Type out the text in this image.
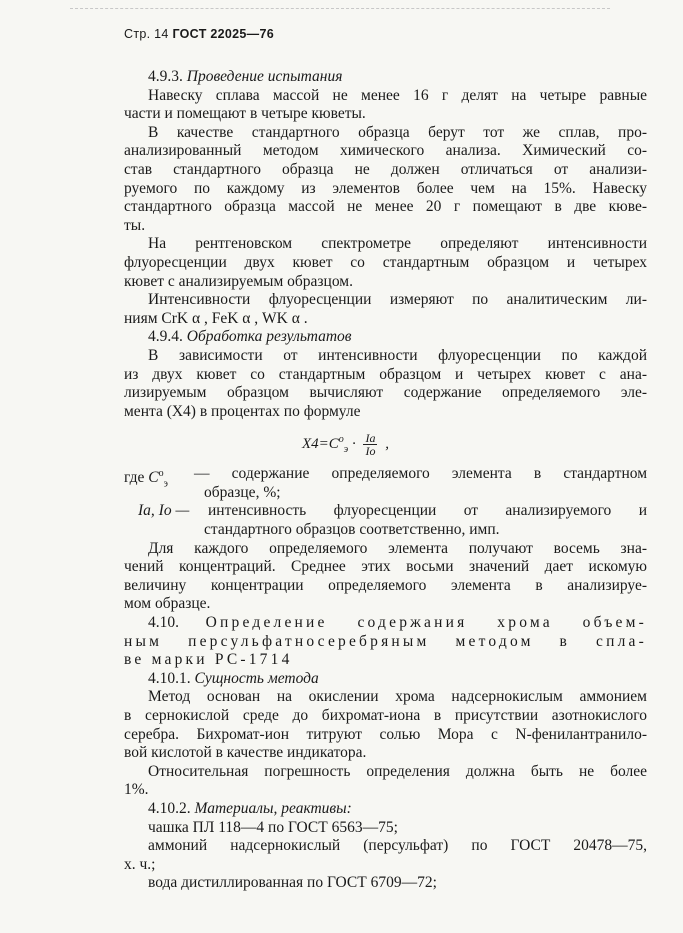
Стр. 14 ГОСТ 22025—76
4.9.3. Проведение испытания
Навеску сплава массой не менее 16 г делят на четыре равные
части и помещают в четыре кюветы.
В качестве стандартного образца берут тот же сплав, про-
анализированный методом химического анализа. Химический со-
став стандартного образца не должен отличаться от анализи-
руемого по каждому из элементов более чем на 15%. Навеску
стандартного образца массой не менее 20 г помещают в две кюве-
ты.
На рентгеновском спектрометре определяют интенсивности
флуоресценции двух кювет со стандартным образцом и четырех
кювет с анализируемым образцом.
Интенсивности флуоресценции измеряют по аналитическим ли-
ниям CrK α , FeK α , WK α .
4.9.4. Обработка результатов
В зависимости от интенсивности флуоресценции по каждой
из двух кювет со стандартным образцом и четырех кювет с ана-
лизируемым образцом вычисляют содержание определяемого эле-
мента (X4) в процентах по формуле
$X4=C^о_э \cdot \frac{Iа}{Iо}$ ,
где $C^о_э$
— содержание определяемого элемента в стандартном
образце, %;
Iа, Iо — интенсивность флуоресценции от анализируемого и
стандартного образцов соответственно, имп.
Для каждого определяемого элемента получают восемь зна-
чений концентраций. Среднее этих восьми значений дает искомую
величину концентрации определяемого элемента в анализируе-
мом образце.
4.10. Определение содержания хрома объем-
ным персульфатносеребряным методом в спла-
ве марки РС-1714
4.10.1. Сущность метода
Метод основан на окислении хрома надсернокислым аммонием
в сернокислой среде до бихромат-иона в присутствии азотнокислого
серебра. Бихромат-ион титруют солью Мора с N-фенилантранило-
вой кислотой в качестве индикатора.
Относительная погрешность определения должна быть не более
1%.
4.10.2. Материалы, реактивы:
чашка ПЛ 118—4 по ГОСТ 6563—75;
аммоний надсернокислый (персульфат) по ГОСТ 20478—75,
х. ч.;
вода дистиллированная по ГОСТ 6709—72;
